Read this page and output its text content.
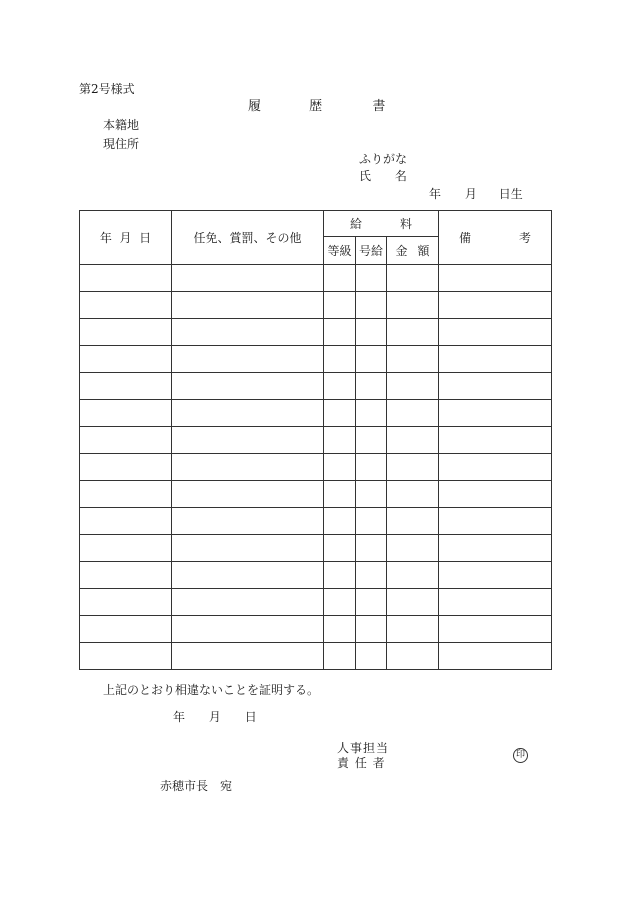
第2号様式
履	歴	書
本籍地
現住所
ふりがな
氏 名
年 月 日生
年 月 日	任免、賞罰、その他	給 料			備 考
		等級	号給	金 額	

上記のとおり相違ないことを証明する。
年 月 日
人事担当
責 任 者
印
赤穂市長　宛
